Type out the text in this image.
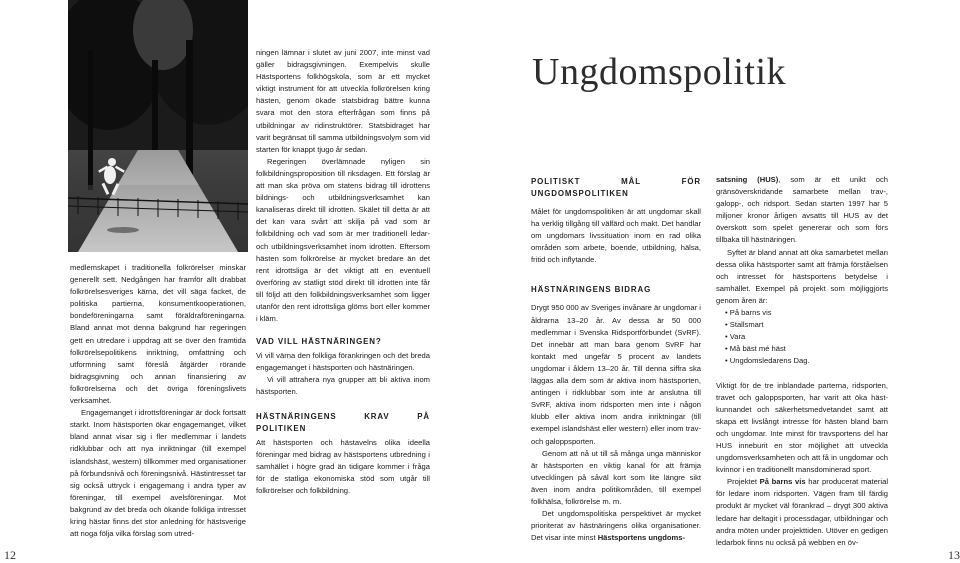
medlemskapet i traditionella folkrörelser minskar generellt sett. Nedgången har framför allt drabbat folkrörelsesveriges kärna, det vill säga facket, de politiska partierna, konsumentkooperationen, bondeföreningarna samt föräldraföreningarna. Bland annat mot denna bakgrund har regeringen gett en utredare i uppdrag att se över den framtida folkrörelsepolitikens inriktning, omfattning och utformning samt föreslå åtgärder rörande bidragsgivning och annan finansiering av folkrörelserna och det övriga föreningslivets verksamhet.

Engagemanget i idrottsföreningar är dock fortsatt starkt. Inom hästsporten ökar engagemanget, vilket bland annat visar sig i fler medlemmar i landets ridklubbar och att nya inriktningar (till exempel islandshäst, western) tillkommer med organisationer på förbundsnivå och föreningsnivå. Hästintresset tar sig också uttryck i engagemang i andra typer av föreningar, till exempel avelsföreningar. Mot bakgrund av det breda och ökande folkliga intresset kring hästar finns det stor anledning för hästsverige att noga följa vilka förslag som utred-

ningen lämnar i slutet av juni 2007, inte minst vad gäller bidragsgivningen. Exempelvis skulle Hästsportens folkhögskola, som är ett mycket viktigt instrument för att utveckla folkrörelsen kring hästen, genom ökade statsbidrag bättre kunna svara mot den stora efterfrågan som finns på utbildningar av ridinstruktörer. Statsbidraget har varit begränsat till samma utbildningsvolym som vid starten för knappt tjugo år sedan.

Regeringen överlämnade nyligen sin folkbildningsproposition till riksdagen. Ett förslag är att man ska pröva om statens bidrag till idrottens bildnings- och utbildningsverksamhet kan kanaliseras direkt till idrotten. Skälet till detta är att det kan vara svårt att skilja på vad som är folkbildning och vad som är mer traditionell ledar- och utbildningsverksamhet inom idrotten. Eftersom hästen som folkrörelse är mycket bredare än det rent idrottsliga är det viktigt att en eventuell överföring av statligt stöd direkt till idrotten inte får till följd att den folkbildningsverksamhet som ligger utanför den rent idrottsliga glöms bort eller kommer i kläm.

VAD VILL HÄSTNÄRINGEN?

Vi vill värna den folkliga förankringen och det breda engagemanget i hästsporten och hästnäringen.

Vi vill attrahera nya grupper att bli aktiva inom hästsporten.

HÄSTNÄRINGENS KRAV PÅ POLITIKEN

Att hästsporten och hästavelns olika ideella föreningar med bidrag av hästsportens utbredning i samhället i högre grad än tidigare kommer i fråga för de statliga ekonomiska stöd som utgår till folkrörelser och folkbildning.

12	13
Ungdomspolitik
POLITISKT MÅL FÖR UNGDOMSPOLITIKEN

Målet för ungdomspolitiken är att ungdomar skall ha verklig tillgång till välfärd och makt. Det handlar om ungdomars livssituation inom en rad olika områden som arbete, boende, utbildning, hälsa, fritid och inflytande.

HÄSTNÄRINGENS BIDRAG

Drygt 950 000 av Sveriges invånare är ungdomar i åldrarna 13–20 år. Av dessa är 50 000 medlemmar i Svenska Ridsportförbundet (SvRF). Det innebär att man bara genom SvRF har kontakt med ungefär 5 procent av landets ungdomar i åldern 13–20 år. Till denna siffra ska läggas alla dem som är aktiva inom hästsporten, antingen i ridklubbar som inte är anslutna till SvRF, aktiva inom ridsporten men inte i någon klubb eller aktiva inom andra inriktningar (till exempel islandshäst eller western) eller inom trav- och galoppsporten.

Genom att nå ut till så många unga människor är hästsporten en viktig kanal för att främja utvecklingen på såväl kort som lite längre sikt även inom andra politikområden, till exempel folkhälsa, folkrörelse m. m.

Det ungdomspolitiska perspektivet är mycket prioriterat av hästnäringens olika organisationer. Det visar inte minst Hästsportens ungdoms-

satsning (HUS), som är ett unikt och gränsöverskridande samarbete mellan trav-, galopp-, och ridsport. Sedan starten 1997 har 5 miljoner kronor årligen avsatts till HUS av det överskott som spelet genererar och som förs tillbaka till hästnäringen.

Syftet är bland annat att öka samarbetet mellan dessa olika hästsporter samt att främja förståelsen och intresset för hästsportens betydelse i samhället. Exempel på projekt som möjliggjorts genom åren är:

• På barns vis
• Stallsmart
• Vara
• Må bäst mé häst
• Ungdomsledarens Dag.

Viktigt för de tre inblandade parterna, ridsporten, travet och galoppsporten, har varit att öka hästkunnandet och säkerhetsmedvetandet samt att skapa ett livslångt intresse för hästen bland barn och ungdomar. Inte minst för travsportens del har HUS inneburit en stor möjlighet att utveckla ungdomsverksamheten och att få in ungdomar och kvinnor i en traditionellt mansdominerad sport.

Projektet På barns vis har producerat material för ledare inom ridsporten. Vägen fram till färdig produkt är mycket väl förankrad – drygt 300 aktiva ledare har deltagit i processdagar, utbildningar och andra möten under projekttiden. Utöver en gedigen ledarbok finns nu också på webben en öv-
